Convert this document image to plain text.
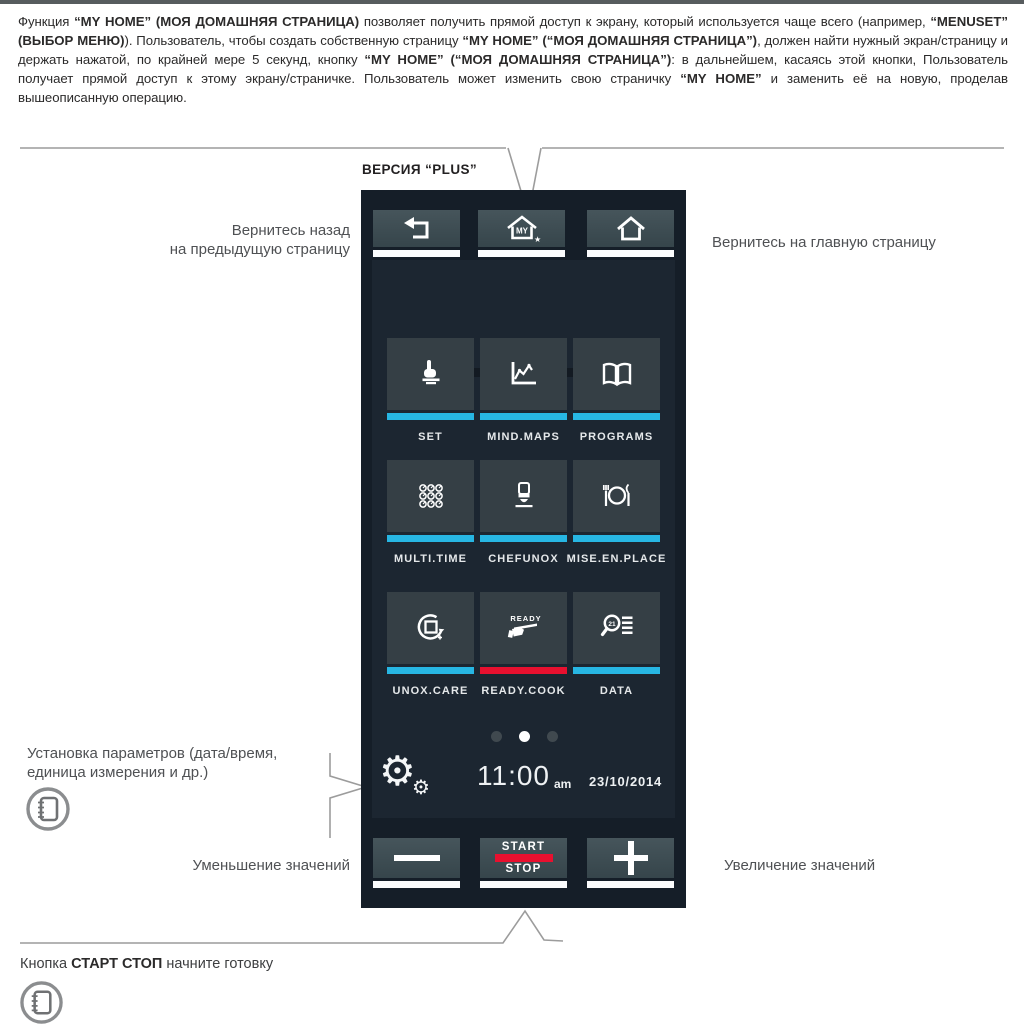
Функция “MY HOME” (МОЯ ДОМАШНЯЯ СТРАНИЦА) позволяет получить прямой доступ к экрану, который используется чаще всего (например, “MENUSET” (ВЫБОР МЕНЮ)). Пользователь, чтобы создать собственную страницу “MY HOME” (“МОЯ ДОМАШНЯЯ СТРАНИЦА”), должен найти нужный экран/страницу и держать нажатой, по крайней мере 5 секунд, кнопку “MY HOME” (“МОЯ ДОМАШНЯЯ СТРАНИЦА”): в дальнейшем, касаясь этой кнопки, Пользователь получает прямой доступ к этому экрану/страничке. Пользователь может изменить свою страничку “MY HOME” и заменить её на новую, проделав вышеописанную операцию.

ВЕРСИЯ “PLUS”
Вернитесь назад
на предыдущую страницу	Вернитесь на главную страницу
Установка параметров (дата/время,
единица измерения и др.)
Уменьшение значений	Увеличение значений
Кнопка СТАРТ СТОП начните готовку
MY
★
SET	MIND.MAPS	PROGRAMS
MULTI.TIME	CHEFUNOX MISE.EN.PLACE
UNOX.CARE
READY
READY.COOK
21
DATA
⚙
⚙ 11:00 am 23/10/2014
START
STOP
